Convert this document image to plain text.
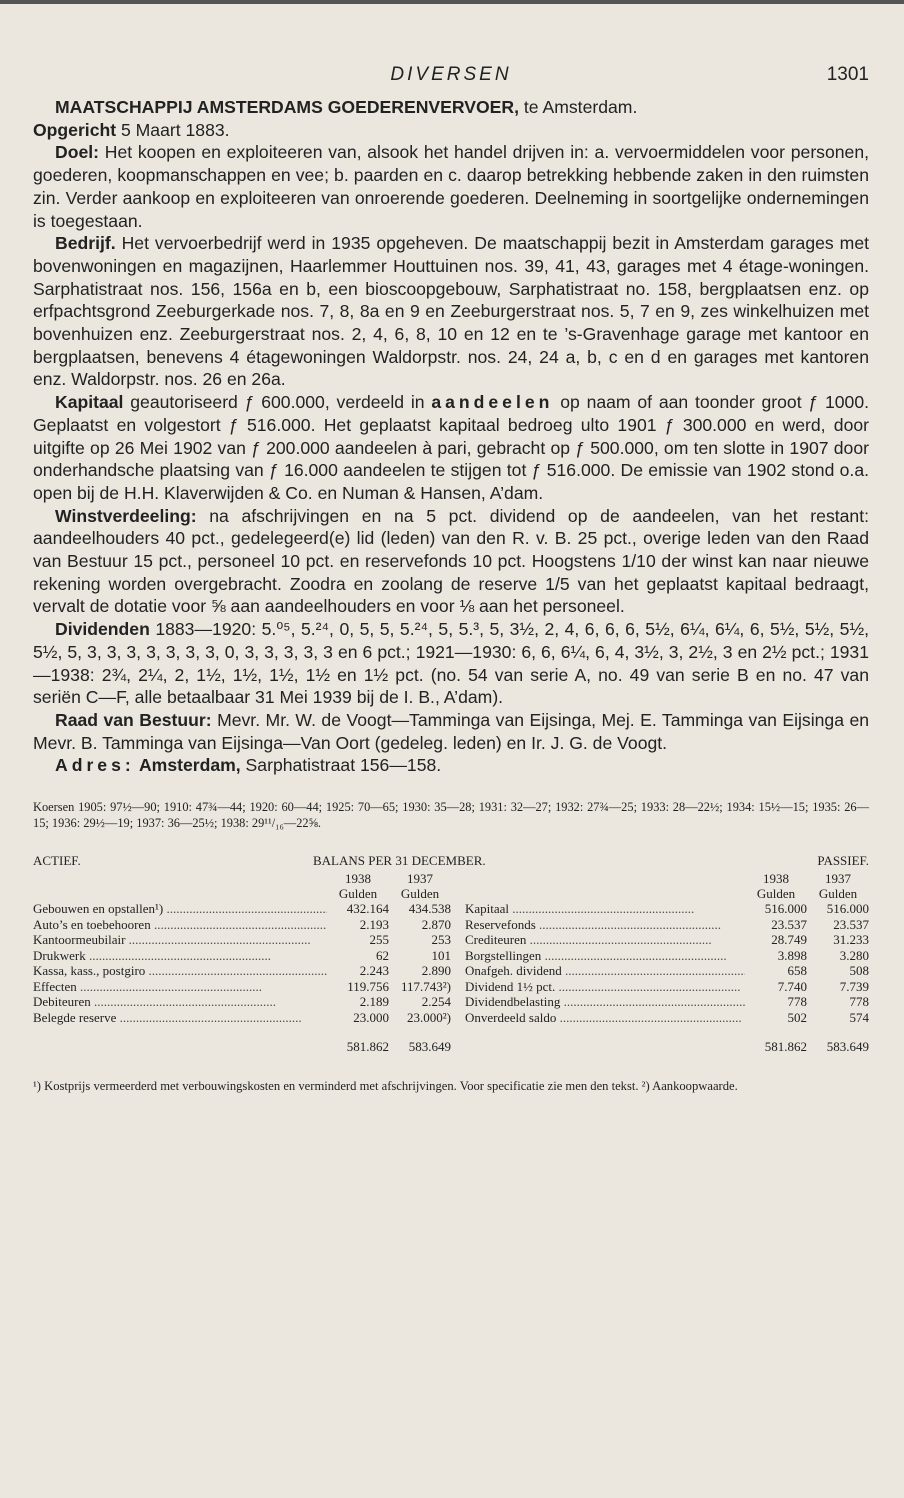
DIVERSEN	1301

MAATSCHAPPIJ AMSTERDAMS GOEDERENVERVOER, te Amsterdam.
Opgericht 5 Maart 1883.

Doel: Het koopen en exploiteeren van, alsook het handel drijven in: a. vervoermiddelen voor personen, goederen, koopmanschappen en vee; b. paarden en c. daarop betrekking hebbende zaken in den ruimsten zin. Verder aankoop en exploiteeren van onroerende goederen. Deelneming in soortgelijke ondernemingen is toegestaan.

Bedrijf. Het vervoerbedrijf werd in 1935 opgeheven. De maatschappij bezit in Amsterdam garages met bovenwoningen en magazijnen, Haarlemmer Houttuinen nos. 39, 41, 43, garages met 4 étage-woningen. Sarphatistraat nos. 156, 156a en b, een bioscoopgebouw, Sarphatistraat no. 158, bergplaatsen enz. op erfpachtsgrond Zeeburgerkade nos. 7, 8, 8a en 9 en Zeeburgerstraat nos. 5, 7 en 9, zes winkelhuizen met bovenhuizen enz. Zeeburgerstraat nos. 2, 4, 6, 8, 10 en 12 en te ’s-Gravenhage garage met kantoor en bergplaatsen, benevens 4 étagewoningen Waldorpstr. nos. 24, 24 a, b, c en d en garages met kantoren enz. Waldorpstr. nos. 26 en 26a.

Kapitaal geautoriseerd ƒ 600.000, verdeeld in aandeelen op naam of aan toonder groot ƒ 1000. Geplaatst en volgestort ƒ 516.000. Het geplaatst kapitaal bedroeg ulto 1901 ƒ 300.000 en werd, door uitgifte op 26 Mei 1902 van ƒ 200.000 aandeelen à pari, gebracht op ƒ 500.000, om ten slotte in 1907 door onderhandsche plaatsing van ƒ 16.000 aandeelen te stijgen tot ƒ 516.000. De emissie van 1902 stond o.a. open bij de H.H. Klaverwijden & Co. en Numan & Hansen, A’dam.

Winstverdeeling: na afschrijvingen en na 5 pct. dividend op de aandeelen, van het restant: aandeelhouders 40 pct., gedelegeerd(e) lid (leden) van den R. v. B. 25 pct., overige leden van den Raad van Bestuur 15 pct., personeel 10 pct. en reservefonds 10 pct. Hoogstens 1/10 der winst kan naar nieuwe rekening worden overgebracht. Zoodra en zoolang de reserve 1/5 van het geplaatst kapitaal bedraagt, vervalt de dotatie voor ⅝ aan aandeelhouders en voor ⅛ aan het personeel.

Dividenden 1883—1920: 5.⁰⁵, 5.²⁴, 0, 5, 5, 5.²⁴, 5, 5.³, 5, 3½, 2, 4, 6, 6, 6, 5½, 6¼, 6¼, 6, 5½, 5½, 5½, 5½, 5, 3, 3, 3, 3, 3, 3, 3, 0, 3, 3, 3, 3, 3 en 6 pct.; 1921—1930: 6, 6, 6¼, 6, 4, 3½, 3, 2½, 3 en 2½ pct.; 1931—1938: 2¾, 2¼, 2, 1½, 1½, 1½, 1½ en 1½ pct. (no. 54 van serie A, no. 49 van serie B en no. 47 van seriën C—F, alle betaalbaar 31 Mei 1939 bij de I. B., A’dam).

Raad van Bestuur: Mevr. Mr. W. de Voogt—Tamminga van Eijsinga, Mej. E. Tamminga van Eijsinga en Mevr. B. Tamminga van Eijsinga—Van Oort (gedeleg. leden) en Ir. J. G. de Voogt.

Adres: Amsterdam, Sarphatistraat 156—158.

Koersen 1905: 97½—90; 1910: 47¾—44; 1920: 60—44; 1925: 70—65; 1930: 35—28; 1931: 32—27; 1932: 27¾—25; 1933: 28—22½; 1934: 15½—15; 1935: 26—15; 1936: 29½—19; 1937: 36—25½; 1938: 29¹¹/₁₆—22⅝.
ACTIEF.	BALANS PER 31 DECEMBER.	PASSIEF.
1938	1937
Gulden	Gulden
Gebouwen en opstallen¹) .....	432.164	434.538
Auto’s en toebehooren .....	2.193	2.870
Kantoormeubilair .....	255	253
Drukwerk .....	62	101
Kassa, kass., postgiro .....	2.243	2.890
Effecten .....	119.756 117.743²)
Debiteuren .....	2.189	2.254
Belegde reserve .....	23.000	23.000²)
581.862	583.649
1938	1937
Gulden	Gulden
Kapitaal .....	516.000	516.000
Reservefonds .....	23.537	23.537
Crediteuren .....	28.749	31.233
Borgstellingen .....	3.898	3.280
Onafgeh. dividend .....	658	508
Dividend 1½ pct. .....	7.740	7.739
Dividendbelasting .....	778	778
Onverdeeld saldo .....	502	574
581.862	583.649
¹) Kostprijs vermeerderd met verbouwingskosten en verminderd met afschrijvingen. Voor specificatie zie men den tekst. ²) Aankoopwaarde.
